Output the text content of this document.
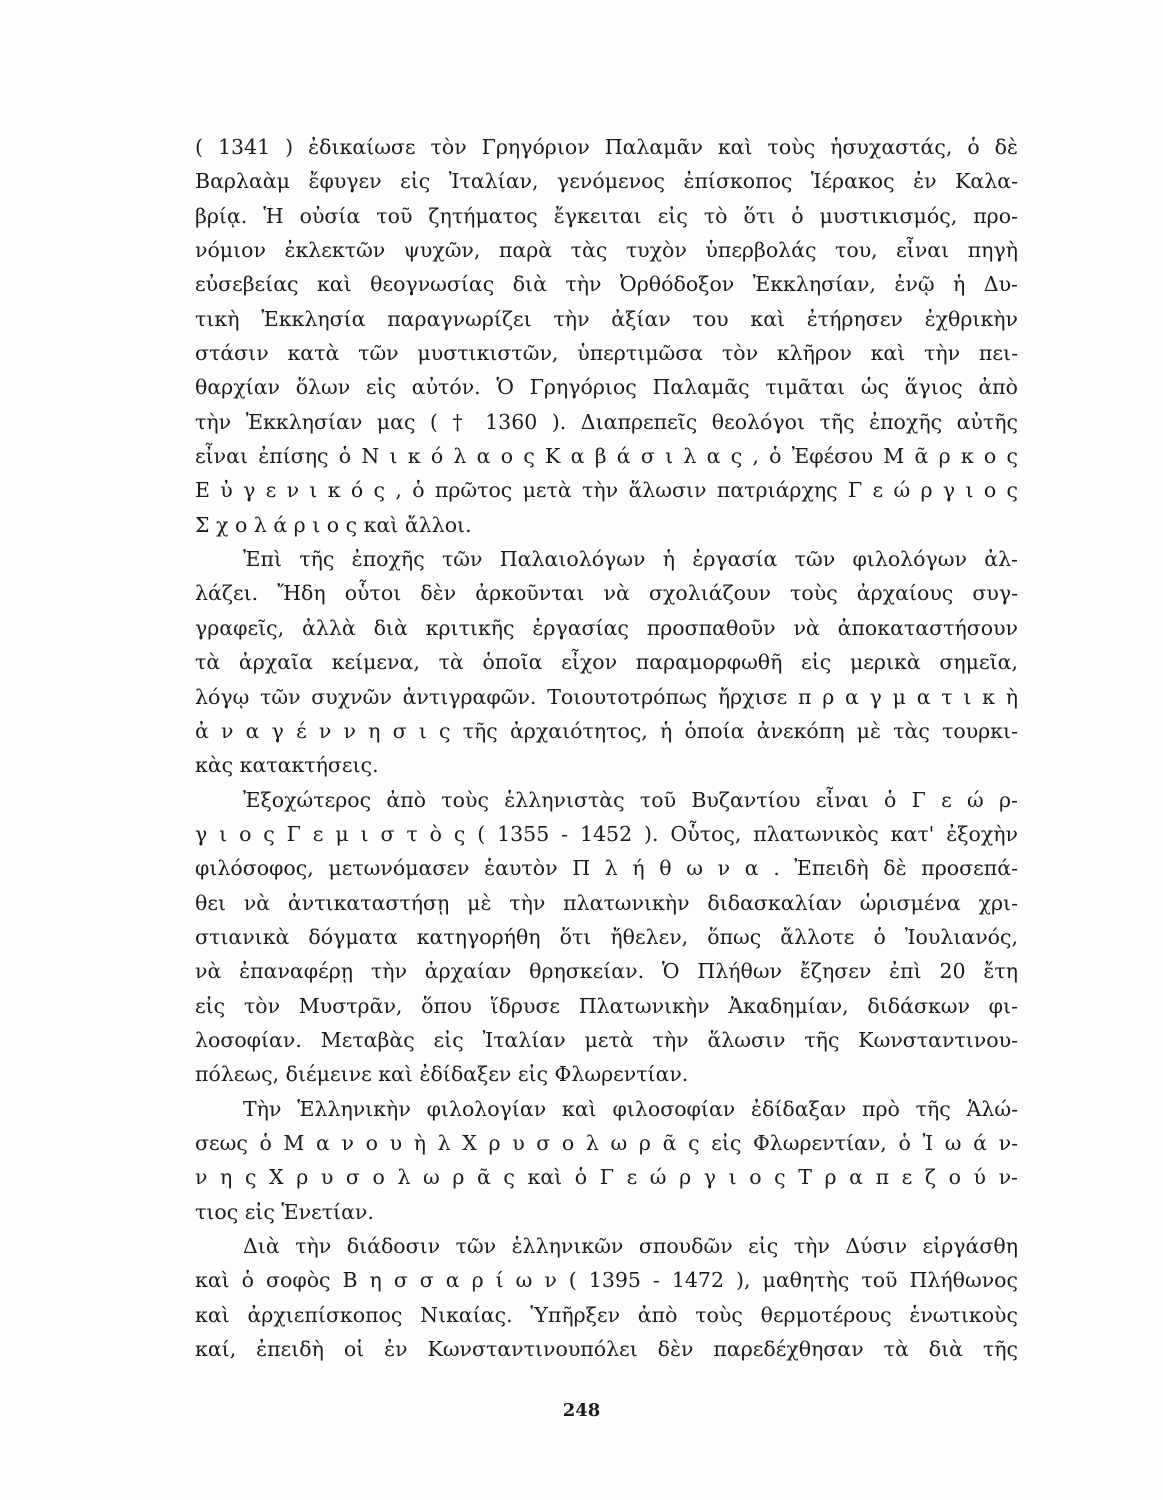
( 1341 ) ἐδικαίωσε τὸν Γρηγόριον Παλαμᾶν καὶ τοὺς ἡσυχαστάς, ὁ δὲ
Βαρλαὰμ ἔφυγεν εἰς Ἰταλίαν, γενόμενος ἐπίσκοπος Ἱέρακος ἐν Καλα-
βρίᾳ. Ἡ οὐσία τοῦ ζητήματος ἔγκειται εἰς τὸ ὅτι ὁ μυστικισμός, προ-
νόμιον ἐκλεκτῶν ψυχῶν, παρὰ τὰς τυχὸν ὑπερβολάς του, εἶναι πηγὴ
εὐσεβείας καὶ θεογνωσίας διὰ τὴν Ὀρθόδοξον Ἐκκλησίαν, ἐνῷ ἡ Δυ-
τικὴ Ἐκκλησία παραγνωρίζει τὴν ἀξίαν του καὶ ἐτήρησεν ἐχθρικὴν
στάσιν κατὰ τῶν μυστικιστῶν, ὑπερτιμῶσα τὸν κλῆρον καὶ τὴν πει-
θαρχίαν ὅλων εἰς αὐτόν. Ὁ Γρηγόριος Παλαμᾶς τιμᾶται ὡς ἅγιος ἀπὸ
τὴν Ἐκκλησίαν μας ( † 1360 ). Διαπρεπεῖς θεολόγοι τῆς ἐποχῆς αὐτῆς
εἶναι ἐπίσης ὁ Ν ι κ ό λ α ο ς Κ α β ά σ ι λ α ς , ὁ Ἐφέσου Μ ᾶ ρ κ ο ς
Ε ὐ γ ε ν ι κ ό ς , ὁ πρῶτος μετὰ τὴν ἅλωσιν πατριάρχης Γ ε ώ ρ γ ι ο ς
Σ χ ο λ ά ρ ι ο ς καὶ ἄλλοι.
Ἐπὶ τῆς ἐποχῆς τῶν Παλαιολόγων ἡ ἐργασία τῶν φιλολόγων ἀλ-
λάζει. Ἤδη οὗτοι δὲν ἀρκοῦνται νὰ σχολιάζουν τοὺς ἀρχαίους συγ-
γραφεῖς, ἀλλὰ διὰ κριτικῆς ἐργασίας προσπαθοῦν νὰ ἀποκαταστήσουν
τὰ ἀρχαῖα κείμενα, τὰ ὁποῖα εἶχον παραμορφωθῆ εἰς μερικὰ σημεῖα,
λόγῳ τῶν συχνῶν ἀντιγραφῶν. Τοιουτοτρόπως ἤρχισε π ρ α γ μ α τ ι κ ὴ
ἀ ν α γ έ ν ν η σ ι ς τῆς ἀρχαιότητος, ἡ ὁποία ἀνεκόπη μὲ τὰς τουρκι-
κὰς κατακτήσεις.
Ἐξοχώτερος ἀπὸ τοὺς ἑλληνιστὰς τοῦ Βυζαντίου εἶναι ὁ Γ ε ώ ρ-
γ ι ο ς Γ ε μ ι σ τ ὸ ς ( 1355 - 1452 ). Οὗτος, πλατωνικὸς κατ' ἐξοχὴν
φιλόσοφος, μετωνόμασεν ἑαυτὸν Π λ ή θ ω ν α . Ἐπειδὴ δὲ προσεπά-
θει νὰ ἀντικαταστήσῃ μὲ τὴν πλατωνικὴν διδασκαλίαν ὡρισμένα χρι-
στιανικὰ δόγματα κατηγορήθη ὅτι ἤθελεν, ὅπως ἄλλοτε ὁ Ἰουλιανός,
νὰ ἐπαναφέρῃ τὴν ἀρχαίαν θρησκείαν. Ὁ Πλήθων ἔζησεν ἐπὶ 20 ἔτη
εἰς τὸν Μυστρᾶν, ὅπου ἵδρυσε Πλατωνικὴν Ἀκαδημίαν, διδάσκων φι-
λοσοφίαν. Μεταβὰς εἰς Ἰταλίαν μετὰ τὴν ἅλωσιν τῆς Κωνσταντινου-
πόλεως, διέμεινε καὶ ἐδίδαξεν εἰς Φλωρεντίαν.
Τὴν Ἑλληνικὴν φιλολογίαν καὶ φιλοσοφίαν ἐδίδαξαν πρὸ τῆς Ἁλώ-
σεως ὁ Μ α ν ο υ ὴ λ Χ ρ υ σ ο λ ω ρ ᾶ ς εἰς Φλωρεντίαν, ὁ Ἰ ω ά ν-
ν η ς Χ ρ υ σ ο λ ω ρ ᾶ ς καὶ ὁ Γ ε ώ ρ γ ι ο ς Τ ρ α π ε ζ ο ύ ν-
τιος εἰς Ἑνετίαν.
Διὰ τὴν διάδοσιν τῶν ἑλληνικῶν σπουδῶν εἰς τὴν Δύσιν εἰργάσθη
καὶ ὁ σοφὸς Β η σ σ α ρ ί ω ν ( 1395 - 1472 ), μαθητὴς τοῦ Πλήθωνος
καὶ ἀρχιεπίσκοπος Νικαίας. Ὑπῆρξεν ἀπὸ τοὺς θερμοτέρους ἑνωτικοὺς
καί, ἐπειδὴ οἱ ἐν Κωνσταντινουπόλει δὲν παρεδέχθησαν τὰ διὰ τῆς
248
